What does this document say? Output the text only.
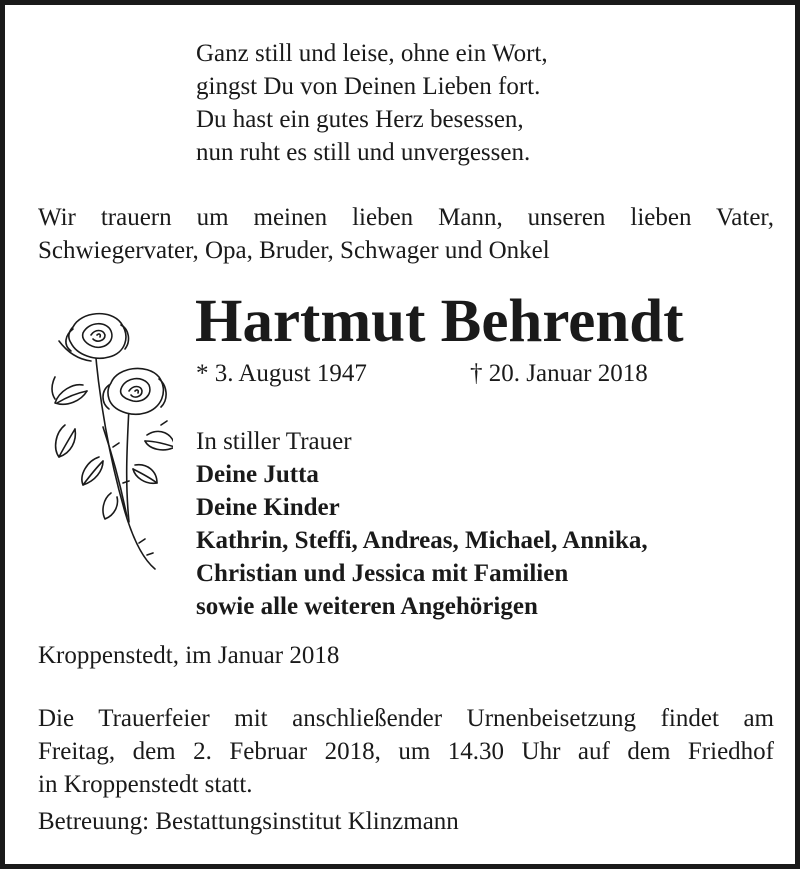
Ganz still und leise, ohne ein Wort,
gingst Du von Deinen Lieben fort.
Du hast ein gutes Herz besessen,
nun ruht es still und unvergessen.
Wir trauern um meinen lieben Mann, unseren lieben Vater,
Schwiegervater, Opa, Bruder, Schwager und Onkel
Hartmut Behrendt
* 3. August 1947	† 20. Januar 2018
In stiller Trauer
Deine Jutta
Deine Kinder
Kathrin, Steffi, Andreas, Michael, Annika,
Christian und Jessica mit Familien
sowie alle weiteren Angehörigen
Kroppenstedt, im Januar 2018
Die Trauerfeier mit anschließender Urnenbeisetzung findet am
Freitag, dem 2. Februar 2018, um 14.30 Uhr auf dem Friedhof
in Kroppenstedt statt.
Betreuung: Bestattungsinstitut Klinzmann
